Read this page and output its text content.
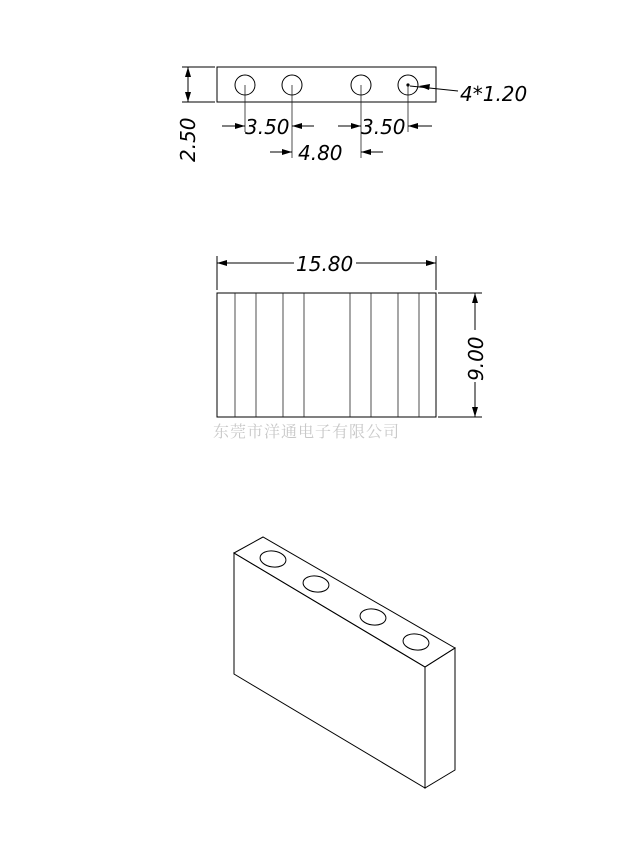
4*1.20
2.50 3.50	3.50
4.80
15.80
9.00
东莞市洋通电子有限公司
